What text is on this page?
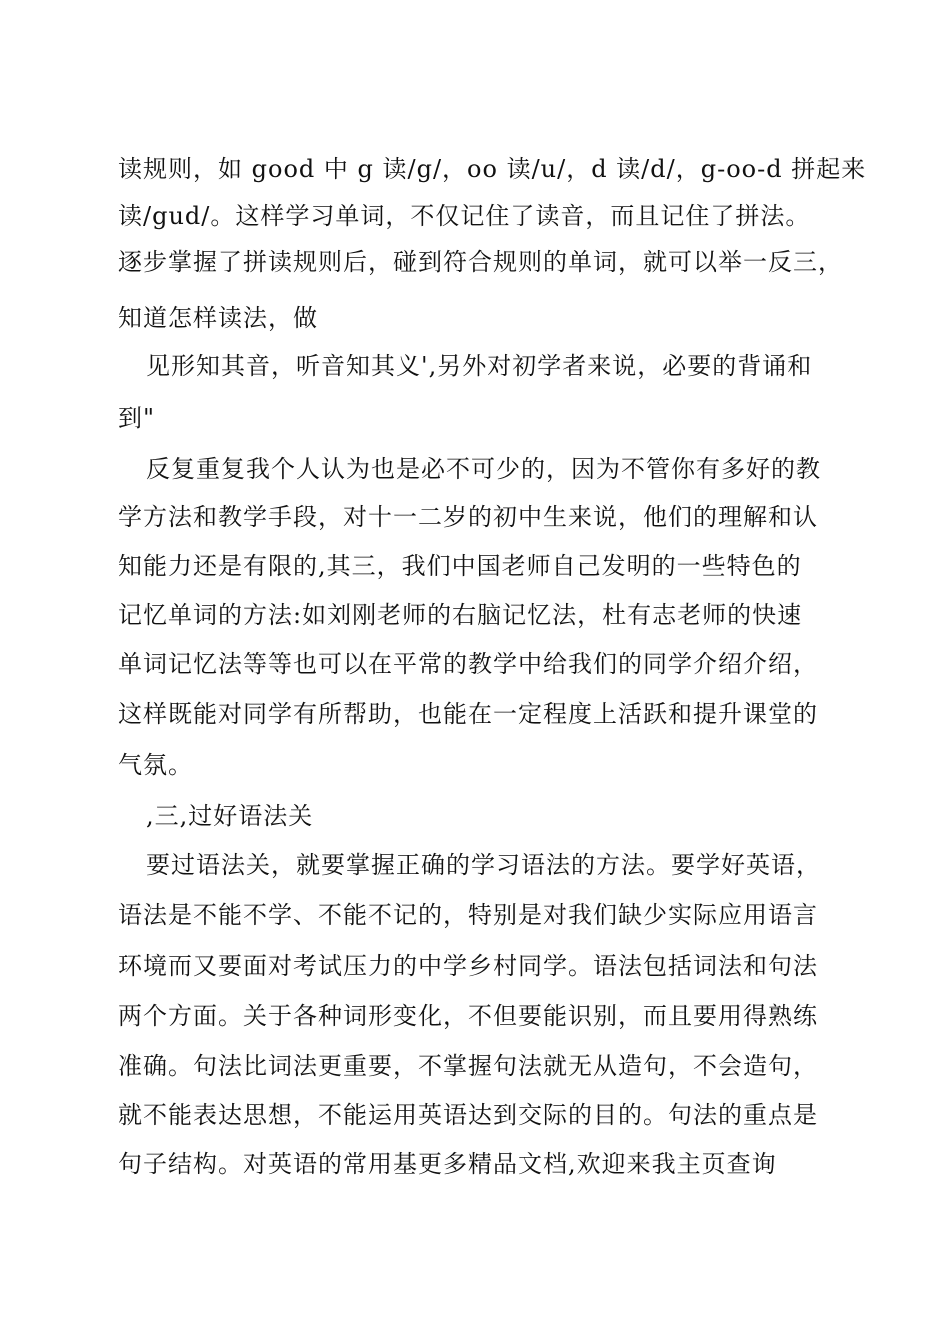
读规则，如 good 中 g 读/g/，oo 读/u/，d 读/d/，g-oo-d 拼起来
读/gud/。这样学习单词，不仅记住了读音，而且记住了拼法。
逐步掌握了拼读规则后，碰到符合规则的单词，就可以举一反三，
知道怎样读法，做
见形知其音，听音知其义',另外对初学者来说，必要的背诵和
到"
反复重复我个人认为也是必不可少的，因为不管你有多好的教
学方法和教学手段，对十一二岁的初中生来说，他们的理解和认
知能力还是有限的,其三，我们中国老师自己发明的一些特色的
记忆单词的方法:如刘刚老师的右脑记忆法，杜有志老师的快速
单词记忆法等等也可以在平常的教学中给我们的同学介绍介绍，
这样既能对同学有所帮助，也能在一定程度上活跃和提升课堂的
气氛。
,三,过好语法关
要过语法关，就要掌握正确的学习语法的方法。要学好英语，
语法是不能不学、不能不记的，特别是对我们缺少实际应用语言
环境而又要面对考试压力的中学乡村同学。语法包括词法和句法
两个方面。关于各种词形变化，不但要能识别，而且要用得熟练
准确。句法比词法更重要，不掌握句法就无从造句，不会造句，
就不能表达思想，不能运用英语达到交际的目的。句法的重点是
句子结构。对英语的常用基更多精品文档,欢迎来我主页查询
